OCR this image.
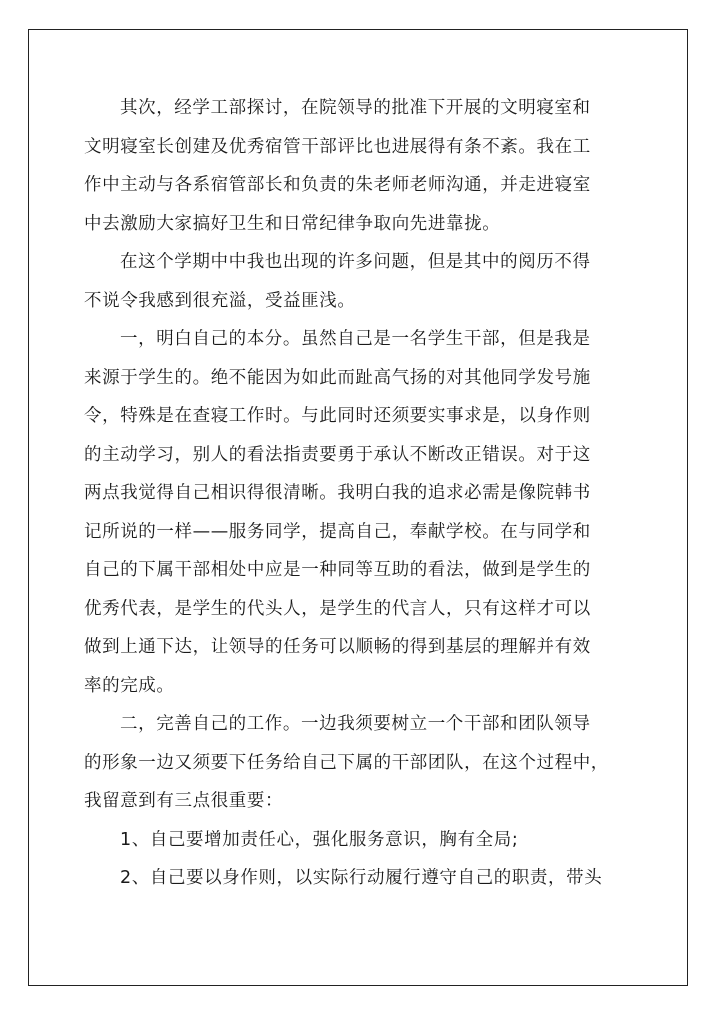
其次，经学工部探讨，在院领导的批准下开展的文明寝室和
文明寝室长创建及优秀宿管干部评比也进展得有条不紊。我在工
作中主动与各系宿管部长和负责的朱老师老师沟通，并走进寝室
中去激励大家搞好卫生和日常纪律争取向先进靠拢。
在这个学期中中我也出现的许多问题，但是其中的阅历不得
不说令我感到很充溢，受益匪浅。
一，明白自己的本分。虽然自己是一名学生干部，但是我是
来源于学生的。绝不能因为如此而趾高气扬的对其他同学发号施
令，特殊是在查寝工作时。与此同时还须要实事求是，以身作则
的主动学习，别人的看法指责要勇于承认不断改正错误。对于这
两点我觉得自己相识得很清晰。我明白我的追求必需是像院韩书
记所说的一样——服务同学，提高自己，奉献学校。在与同学和
自己的下属干部相处中应是一种同等互助的看法，做到是学生的
优秀代表，是学生的代头人，是学生的代言人，只有这样才可以
做到上通下达，让领导的任务可以顺畅的得到基层的理解并有效
率的完成。
二，完善自己的工作。一边我须要树立一个干部和团队领导
的形象一边又须要下任务给自己下属的干部团队，在这个过程中，
我留意到有三点很重要：
1、自己要增加责任心，强化服务意识，胸有全局;
2、自己要以身作则，以实际行动履行遵守自己的职责，带头
